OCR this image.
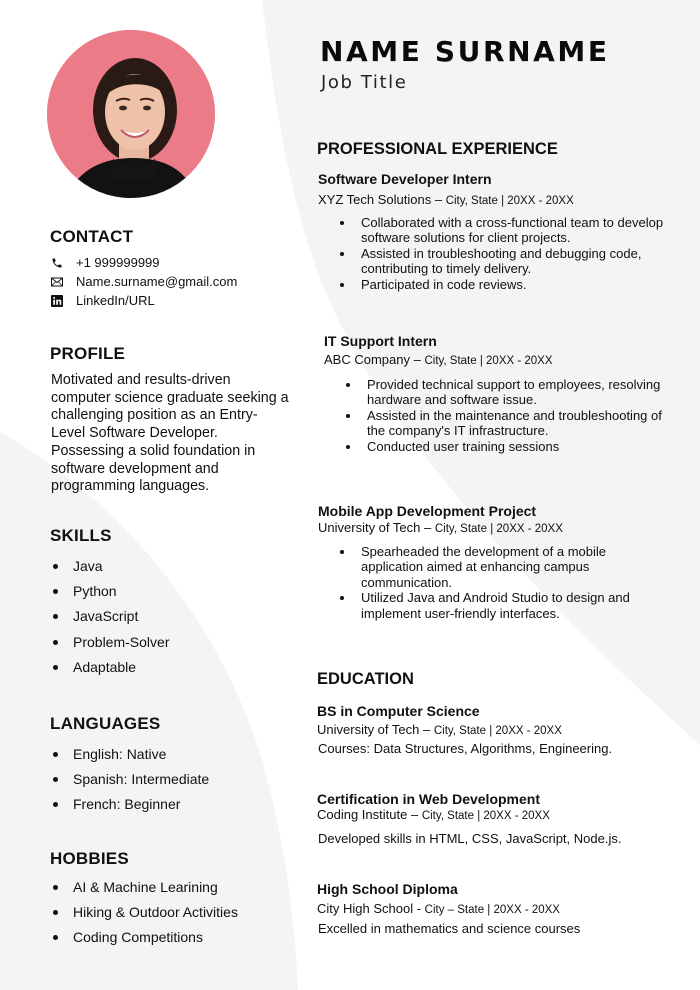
CONTACT
+1 999999999
Name.surname@gmail.com
LinkedIn/URL
PROFILE

Motivated and results-driven computer science graduate seeking a challenging position as an Entry-Level Software Developer. Possessing a solid foundation in software development and programming languages.

SKILLS
Java
Python
JavaScript
Problem-Solver
Adaptable
LANGUAGES
English: Native
Spanish: Intermediate
French: Beginner
HOBBIES
AI & Machine Learining
Hiking & Outdoor Activities
Coding Competitions
NAME SURNAME
Job Title
PROFESSIONAL EXPERIENCE
Software Developer Intern
XYZ Tech Solutions – City, State | 20XX - 20XX
Collaborated with a cross-functional team to develop software solutions for client projects.
Assisted in troubleshooting and debugging code, contributing to timely delivery.
Participated in code reviews.
IT Support Intern
ABC Company – City, State | 20XX - 20XX
Provided technical support to employees, resolving hardware and software issue.
Assisted in the maintenance and troubleshooting of the company's IT infrastructure.
Conducted user training sessions
Mobile App Development Project
University of Tech – City, State | 20XX - 20XX
Spearheaded the development of a mobile application aimed at enhancing campus communication.
Utilized Java and Android Studio to design and implement user-friendly interfaces.
EDUCATION
BS in Computer Science
University of Tech – City, State | 20XX - 20XX
Courses: Data Structures, Algorithms, Engineering.
Certification in Web Development
Coding Institute – City, State | 20XX - 20XX
Developed skills in HTML, CSS, JavaScript, Node.js.
High School Diploma
City High School - City – State | 20XX - 20XX
Excelled in mathematics and science courses
